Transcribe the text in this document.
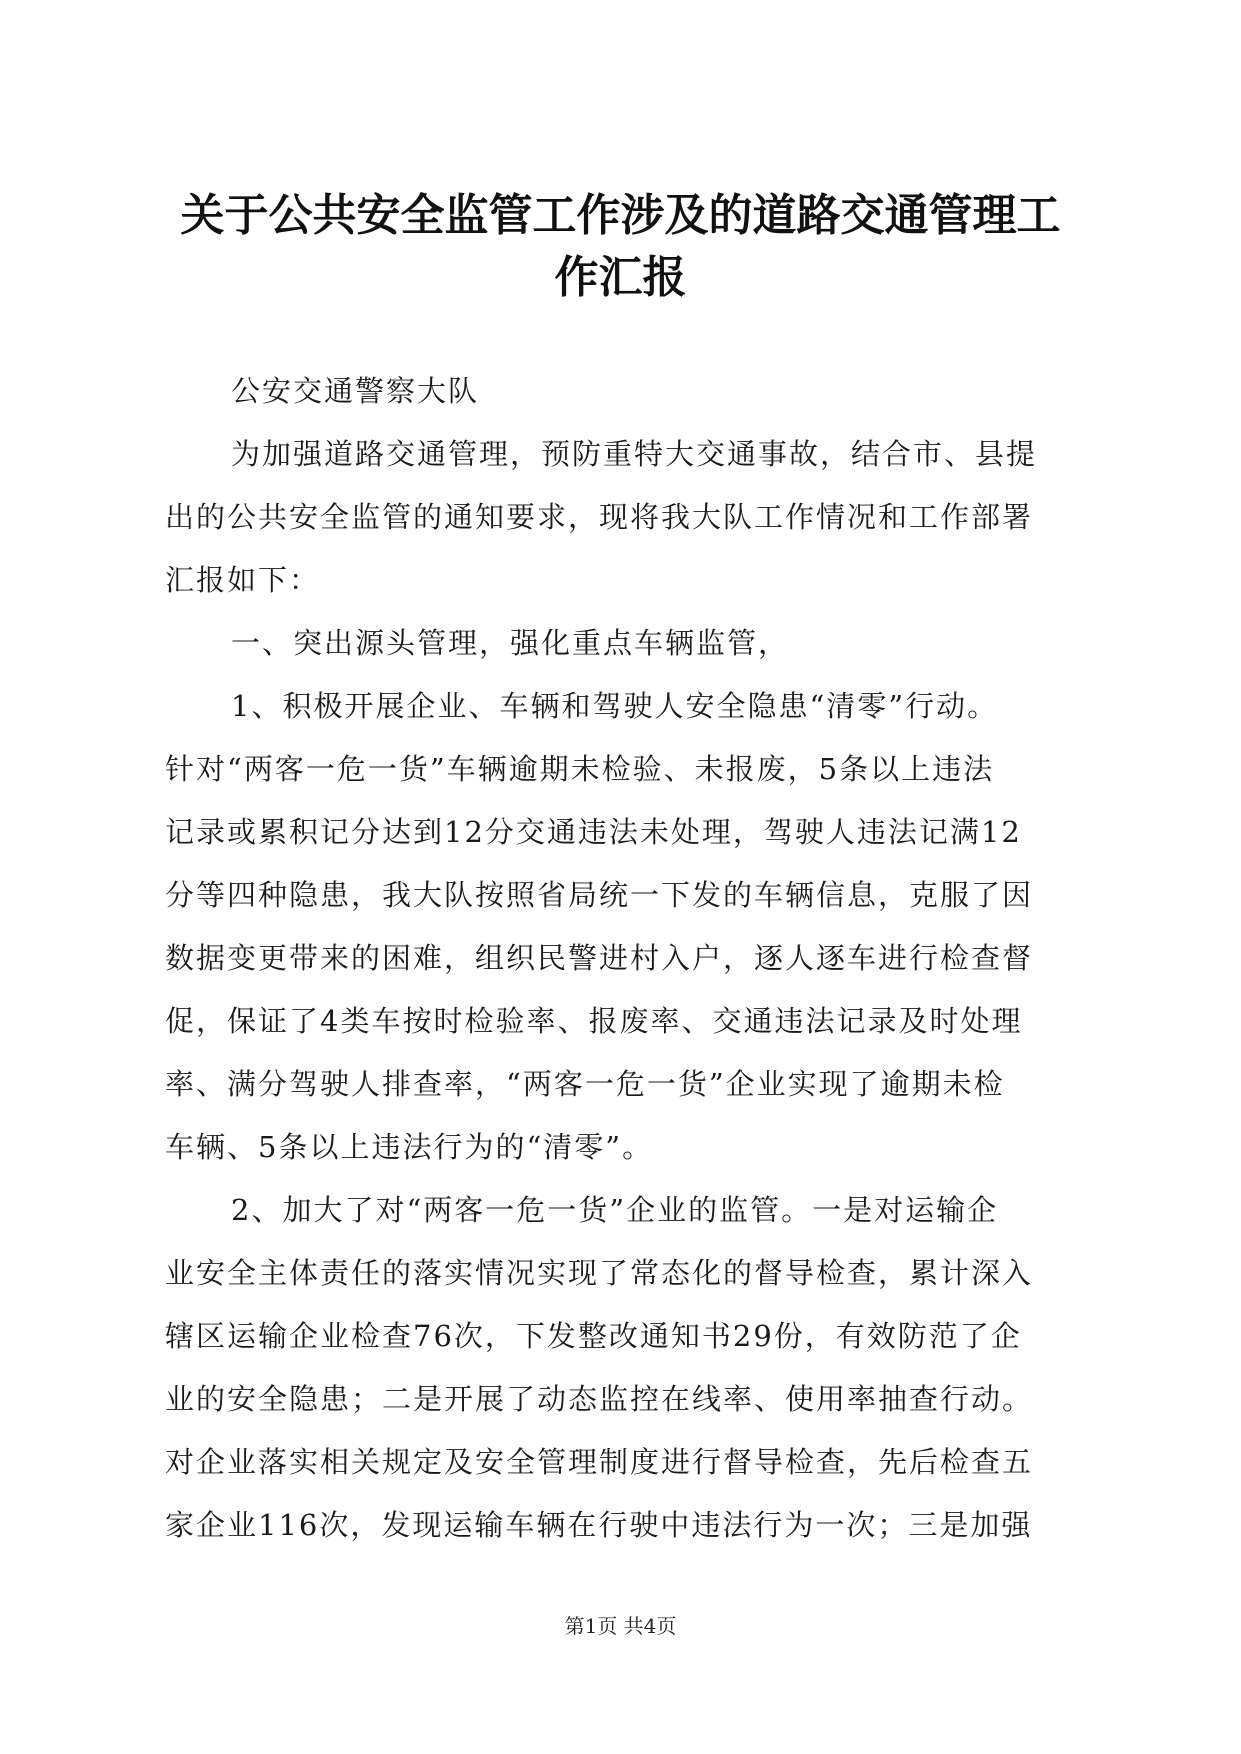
关于公共安全监管工作涉及的道路交通管理工
作汇报
公安交通警察大队
为加强道路交通管理，预防重特大交通事故，结合市、县提
出的公共安全监管的通知要求，现将我大队工作情况和工作部署
汇报如下：
一、突出源头管理，强化重点车辆监管，
1、积极开展企业、车辆和驾驶人安全隐患“清零”行动。
针对“两客一危一货”车辆逾期未检验、未报废，5条以上违法
记录或累积记分达到12分交通违法未处理，驾驶人违法记满12
分等四种隐患，我大队按照省局统一下发的车辆信息，克服了因
数据变更带来的困难，组织民警进村入户，逐人逐车进行检查督
促，保证了4类车按时检验率、报废率、交通违法记录及时处理
率、满分驾驶人排查率，“两客一危一货”企业实现了逾期未检
车辆、5条以上违法行为的“清零”。
2、加大了对“两客一危一货”企业的监管。一是对运输企
业安全主体责任的落实情况实现了常态化的督导检查，累计深入
辖区运输企业检查76次，下发整改通知书29份，有效防范了企
业的安全隐患；二是开展了动态监控在线率、使用率抽查行动。
对企业落实相关规定及安全管理制度进行督导检查，先后检查五
家企业116次，发现运输车辆在行驶中违法行为一次；三是加强
第1页 共4页
